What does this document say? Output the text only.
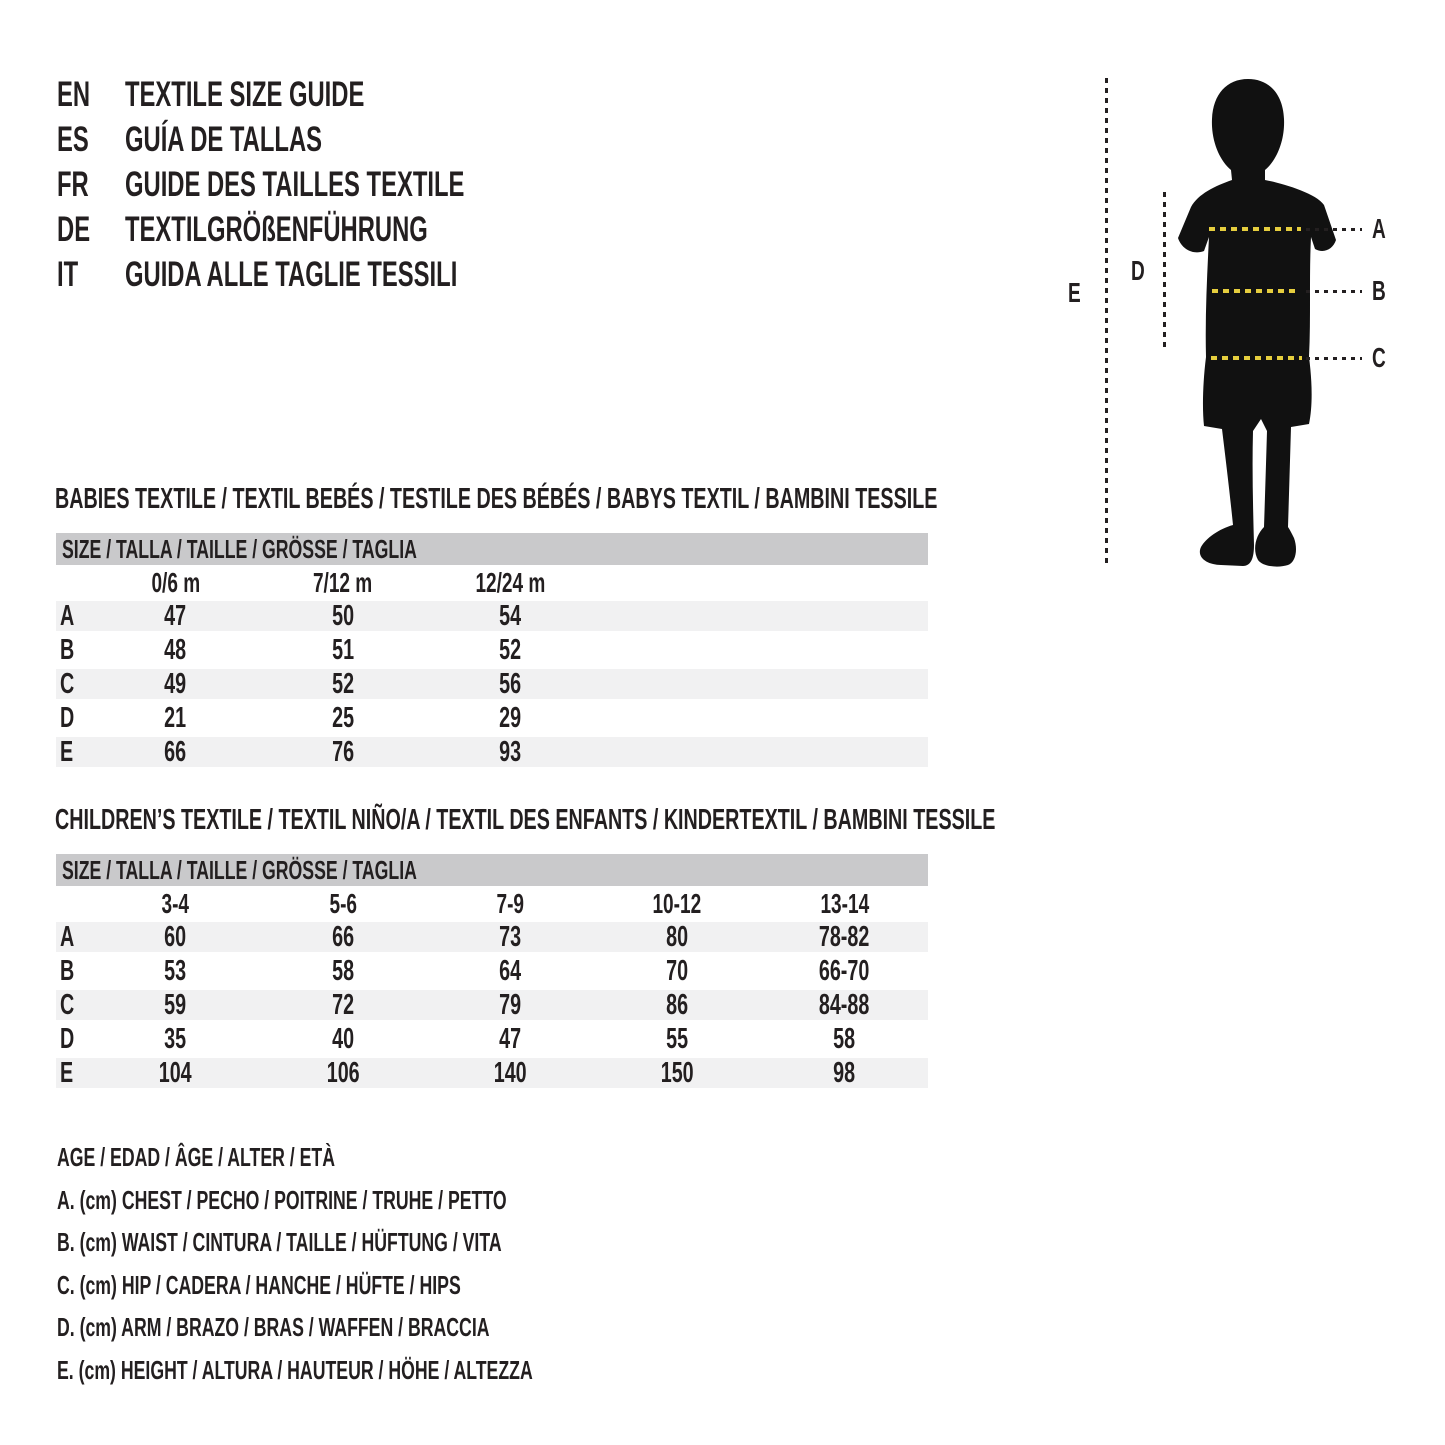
EN TEXTILE SIZE GUIDE
ES	GUÍA DE TALLAS
FR	GUIDE DES TAILLES TEXTILE
DE TEXTILGRÖßENFÜHRUNG
IT GUIDA ALLE TAGLIE TESSILI
A
B
C
D
E
BABIES TEXTILE / TEXTIL BEBÉS / TESTILE DES BÉBÉS / BABYS TEXTIL / BAMBINI TESSILE
SIZE / TALLA / TAILLE / GRÖSSE / TAGLIA
0/6 m	7/12 m	12/24 m
A	47	50	54
B	48	51	52
C	49	52	56
D	21	25	29
E	66	76	93
CHILDREN’S TEXTILE / TEXTIL NIÑO/A / TEXTIL DES ENFANTS / KINDERTEXTIL / BAMBINI TESSILE
SIZE / TALLA / TAILLE / GRÖSSE / TAGLIA
3-4	5-6	7-9	10-12	13-14
A	60	66	73	80	78-82
B	53	58	64	70	66-70
C	59	72	79	86	84-88
D	35	40	47	55	58
E	104	106	140	150	98
AGE / EDAD / ÂGE / ALTER / ETÀ
A. (cm) CHEST / PECHO / POITRINE / TRUHE / PETTO
B. (cm) WAIST / CINTURA / TAILLE / HÜFTUNG / VITA
C. (cm) HIP / CADERA / HANCHE / HÜFTE / HIPS
D. (cm) ARM / BRAZO / BRAS / WAFFEN / BRACCIA
E. (cm) HEIGHT / ALTURA / HAUTEUR / HÖHE / ALTEZZA
